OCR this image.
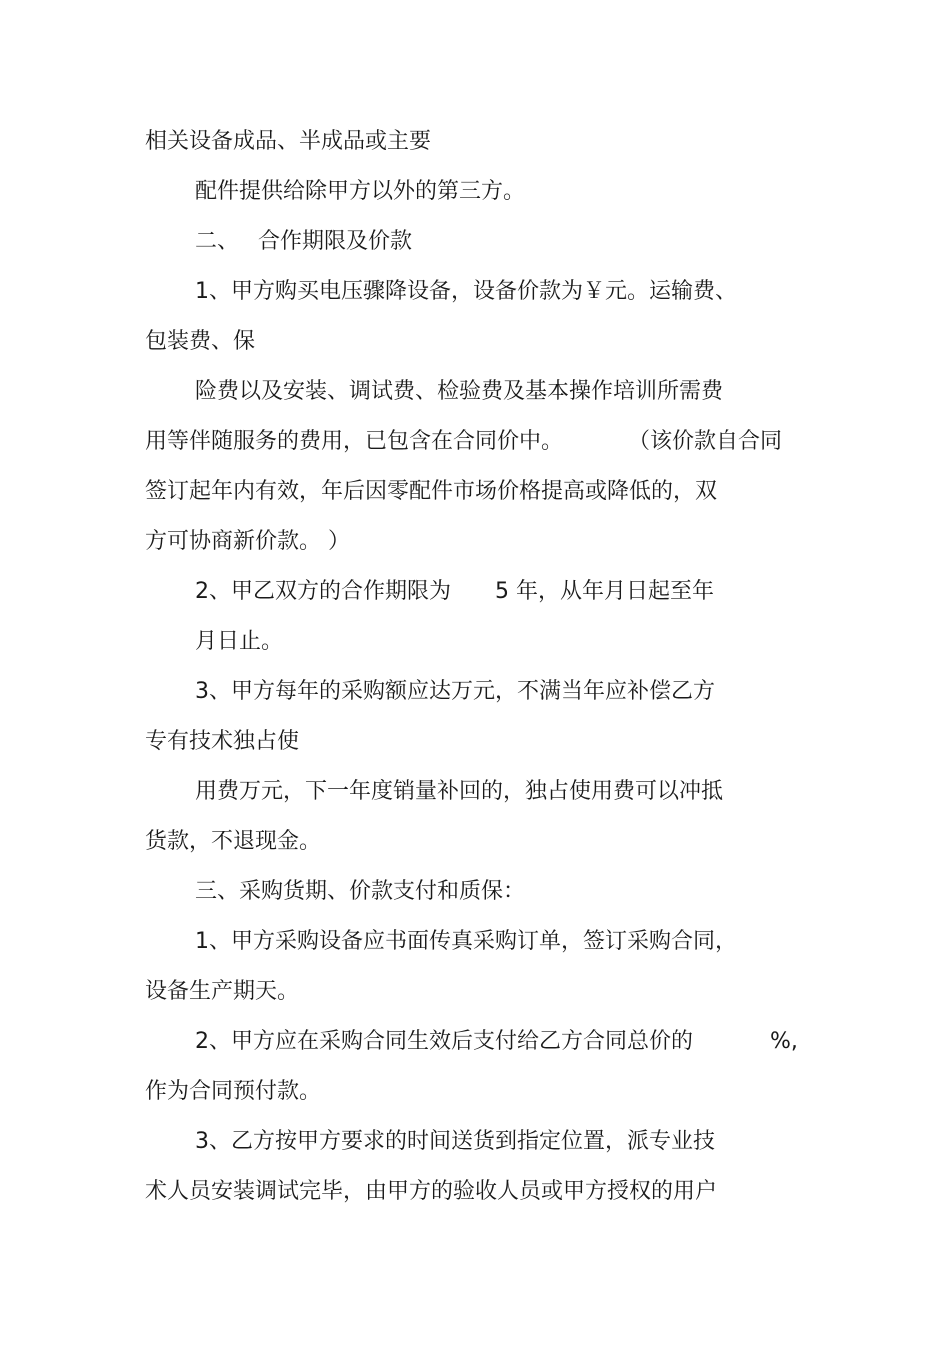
相关设备成品、半成品或主要
配件提供给除甲方以外的第三方。
二、 合作期限及价款
1、甲方购买电压骤降设备，设备价款为￥元。运输费、
包装费、保
险费以及安装、调试费、检验费及基本操作培训所需费
用等伴随服务的费用，已包含在合同价中。	（该价款自合同
签订起年内有效，年后因零配件市场价格提高或降低的，双
方可协商新价款。 ）
2、甲乙双方的合作期限为 5 年，从年月日起至年
月日止。
3、甲方每年的采购额应达万元，不满当年应补偿乙方
专有技术独占使
用费万元，下一年度销量补回的，独占使用费可以冲抵
货款，不退现金。
三、采购货期、价款支付和质保：
1、甲方采购设备应书面传真采购订单，签订采购合同，
设备生产期天。
2、甲方应在采购合同生效后支付给乙方合同总价的	%,
作为合同预付款。
3、乙方按甲方要求的时间送货到指定位置，派专业技
术人员安装调试完毕，由甲方的验收人员或甲方授权的用户
